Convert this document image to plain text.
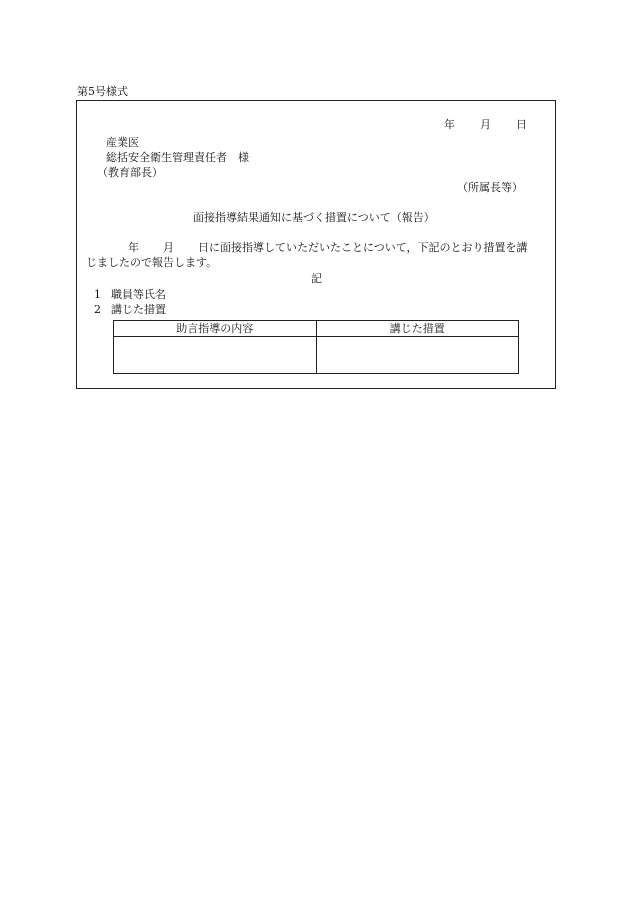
第5号様式
年 月 日
産業医
総括安全衛生管理責任者　様
（教育部長）
（所属長等）
面接指導結果通知に基づく措置について（報告）
年 月 日に面接指導していただいたことについて，下記のとおり措置を講
じましたので報告します。
記
1 職員等氏名
2 講じた措置
助言指導の内容	講じた措置
